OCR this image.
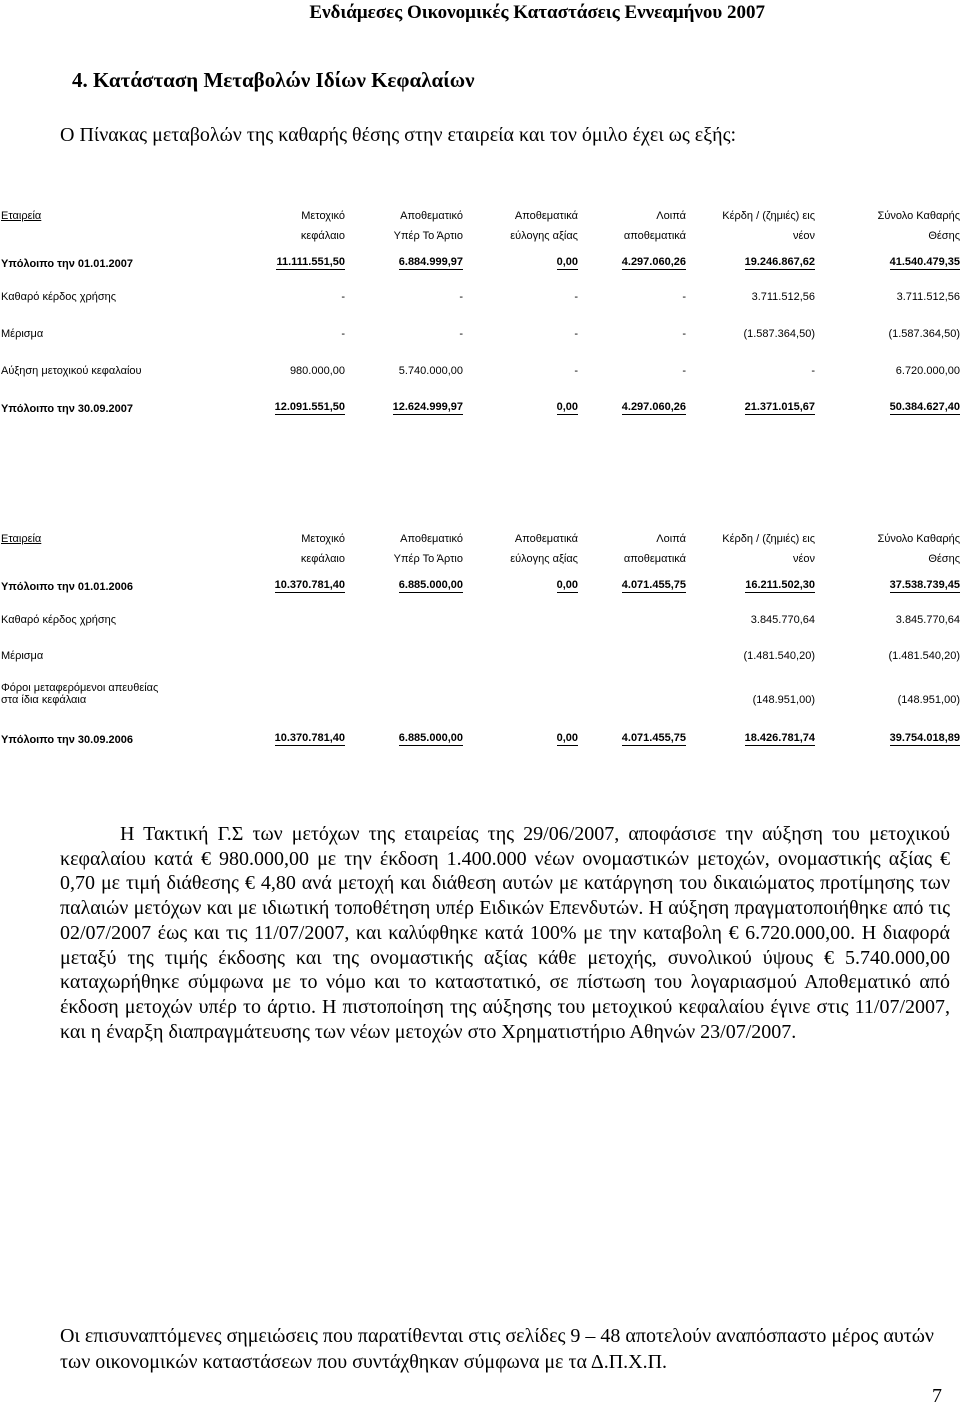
Ενδιάμεσες Οικονομικές Καταστάσεις Εννεαμήνου 2007
4. Κατάσταση Μεταβολών Ιδίων Κεφαλαίων
Ο Πίνακας μεταβολών της καθαρής θέσης στην εταιρεία και τον όμιλο έχει ως εξής:
Εταιρεία	Μετοχικό	Αποθεματικό	Αποθεματικά	Λοιπά	Κέρδη / (ζημιές) εις	Σύνολο Καθαρής
	κεφάλαιο	Υπέρ Το Άρτιο	εύλογης αξίας	αποθεματικά	νέον	Θέσης
Υπόλοιπο την 01.01.2007	11.111.551,50	6.884.999,97	0,00	4.297.060,26	19.246.867,62	41.540.479,35
Καθαρό κέρδος χρήσης	-	-	-	-	3.711.512,56	3.711.512,56
Μέρισμα	-	-	-	-	(1.587.364,50)	(1.587.364,50)
Αύξηση μετοχικού κεφαλαίου	980.000,00	5.740.000,00	-	-	-	6.720.000,00
Υπόλοιπο την 30.09.2007	12.091.551,50	12.624.999,97	0,00	4.297.060,26	21.371.015,67	50.384.627,40
Εταιρεία	Μετοχικό	Αποθεματικό	Αποθεματικά	Λοιπά	Κέρδη / (ζημιές) εις	Σύνολο Καθαρής
	κεφάλαιο	Υπέρ Το Άρτιο	εύλογης αξίας	αποθεματικά	νέον	Θέσης
Υπόλοιπο την 01.01.2006	10.370.781,40	6.885.000,00	0,00	4.071.455,75	16.211.502,30	37.538.739,45
Καθαρό κέρδος χρήσης					3.845.770,64	3.845.770,64
Μέρισμα					(1.481.540,20)	(1.481.540,20)
Φόροι μεταφερόμενοι απευθείας
στα ίδια κεφάλαια					(148.951,00)	(148.951,00)
Υπόλοιπο την 30.09.2006	10.370.781,40	6.885.000,00	0,00	4.071.455,75	18.426.781,74	39.754.018,89
Η Τακτική Γ.Σ των μετόχων της εταιρείας της 29/06/2007, αποφάσισε την αύξηση του μετοχικού κεφαλαίου κατά € 980.000,00 με την έκδοση 1.400.000 νέων ονομαστικών μετοχών, ονομαστικής αξίας € 0,70 με τιμή διάθεσης € 4,80 ανά μετοχή και διάθεση αυτών με κατάργηση του δικαιώματος προτίμησης των παλαιών μετόχων και με ιδιωτική τοποθέτηση υπέρ Ειδικών Επενδυτών. Η αύξηση πραγματοποιήθηκε από τις 02/07/2007 έως και τις 11/07/2007, και καλύφθηκε κατά 100% με την καταβολη € 6.720.000,00. Η διαφορά μεταξύ της τιμής έκδοσης και της ονομαστικής αξίας κάθε μετοχής, συνολικού ύψους € 5.740.000,00 καταχωρήθηκε σύμφωνα με το νόμο και το καταστατικό, σε πίστωση του λογαριασμού Αποθεματικό από έκδοση μετοχών υπέρ το άρτιο. Η πιστοποίηση της αύξησης του μετοχικού κεφαλαίου έγινε στις 11/07/2007, και η έναρξη διαπραγμάτευσης των νέων μετοχών στο Χρηματιστήριο Αθηνών 23/07/2007.
Οι επισυναπτόμενες σημειώσεις που παρατίθενται στις σελίδες 9 – 48 αποτελούν αναπόσπαστο μέρος αυτών των οικονομικών καταστάσεων που συντάχθηκαν σύμφωνα με τα Δ.Π.Χ.Π.
7
